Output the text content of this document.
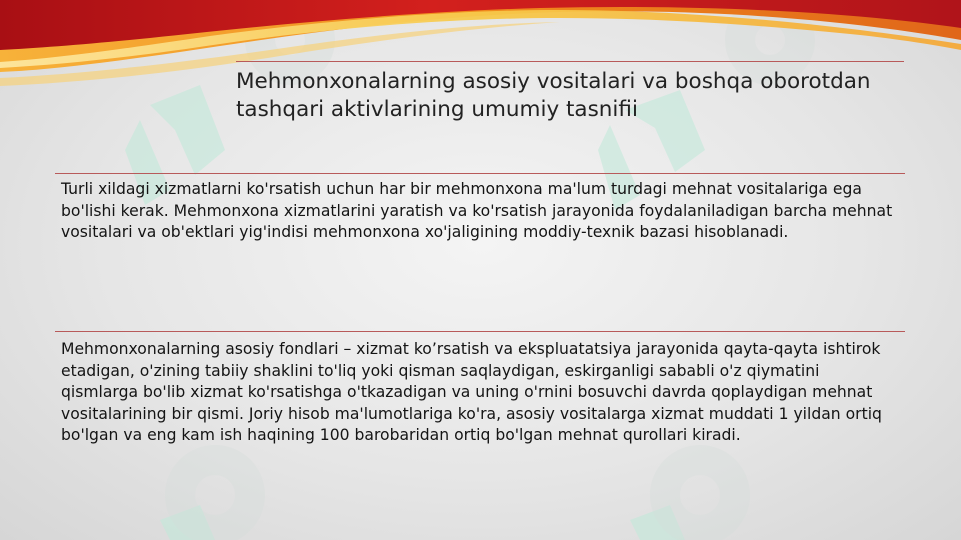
Mehmonxonalarning asosiy vositalari va boshqa oborotdan tashqari aktivlarining umumiy tasnifii

Turli xildagi xizmatlarni ko'rsatish uchun har bir mehmonxona ma'lum turdagi mehnat vositalariga ega bo'lishi kerak. Mehmonxona xizmatlarini yaratish va ko'rsatish jarayonida foydalaniladigan barcha mehnat vositalari va ob'ektlari yig'indisi mehmonxona xo'jaligining moddiy-texnik bazasi hisoblanadi.

Mehmonxonalarning asosiy fondlari – xizmat ko’rsatish va ekspluatatsiya jarayonida qayta-qayta ishtirok etadigan, o'zining tabiiy shaklini to'liq yoki qisman saqlaydigan, eskirganligi sababli o'z qiymatini qismlarga bo'lib xizmat ko'rsatishga o'tkazadigan va uning o'rnini bosuvchi davrda qoplaydigan mehnat vositalarining bir qismi. Joriy hisob ma'lumotlariga ko'ra, asosiy vositalarga xizmat muddati 1 yildan ortiq bo'lgan va eng kam ish haqining 100 barobaridan ortiq bo'lgan mehnat qurollari kiradi.
